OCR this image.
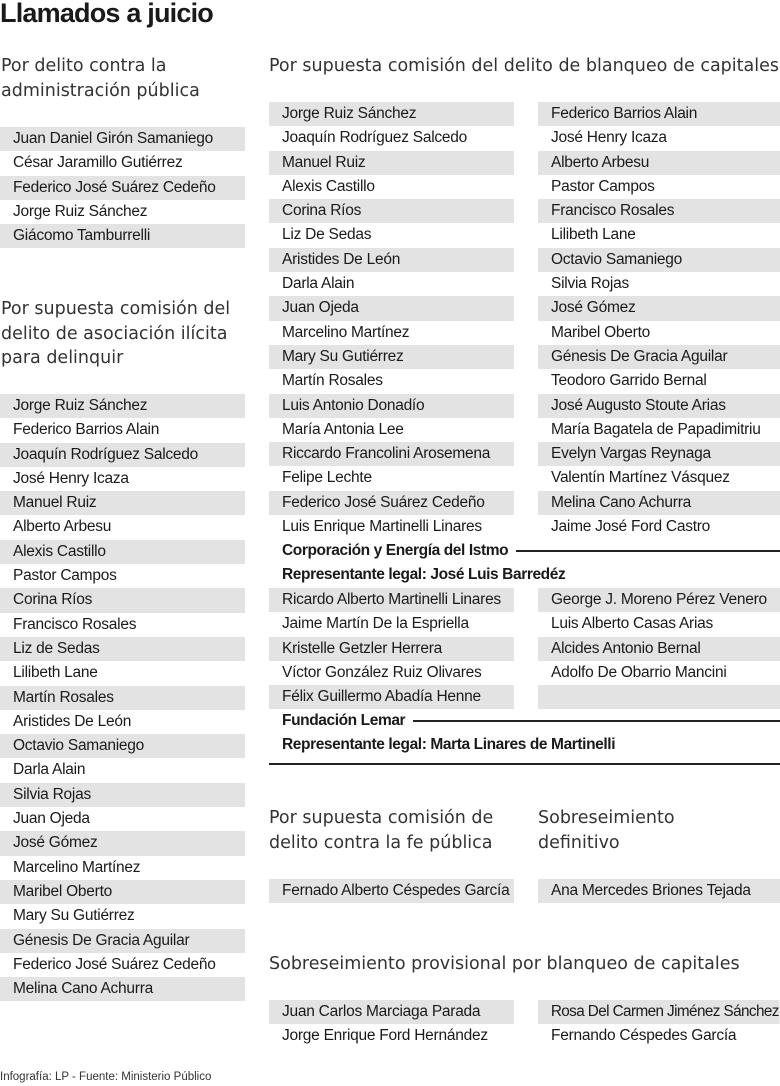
Llamados a juicio
Por delito contra la
administración pública
Juan Daniel Girón Samaniego
César Jaramillo Gutiérrez
Federico José Suárez Cedeño
Jorge Ruiz Sánchez
Giácomo Tamburrelli
Por supuesta comisión del
delito de asociación ilícita
para delinquir
Jorge Ruiz Sánchez
Federico Barrios Alain
Joaquín Rodríguez Salcedo
José Henry Icaza
Manuel Ruiz
Alberto Arbesu
Alexis Castillo
Pastor Campos
Corina Ríos
Francisco Rosales
Liz de Sedas
Lilibeth Lane
Martín Rosales
Aristides De León
Octavio Samaniego
Darla Alain
Silvia Rojas
Juan Ojeda
José Gómez
Marcelino Martínez
Maribel Oberto
Mary Su Gutiérrez
Génesis De Gracia Aguilar
Federico José Suárez Cedeño
Melina Cano Achurra
Por supuesta comisión del delito de blanqueo de capitales
Jorge Ruiz Sánchez
Joaquín Rodríguez Salcedo
Manuel Ruiz
Alexis Castillo
Corina Ríos
Liz De Sedas
Aristides De León
Darla Alain
Juan Ojeda
Marcelino Martínez
Mary Su Gutiérrez
Martín Rosales
Luis Antonio Donadío
María Antonia Lee
Riccardo Francolini Arosemena
Felipe Lechte
Federico José Suárez Cedeño
Luis Enrique Martinelli Linares
Federico Barrios Alain
José Henry Icaza
Alberto Arbesu
Pastor Campos
Francisco Rosales
Lilibeth Lane
Octavio Samaniego
Silvia Rojas
José Gómez
Maribel Oberto
Génesis De Gracia Aguilar
Teodoro Garrido Bernal
José Augusto Stoute Arias
María Bagatela de Papadimitriu
Evelyn Vargas Reynaga
Valentín Martínez Vásquez
Melina Cano Achurra
Jaime José Ford Castro
Corporación y Energía del Istmo
Representante legal: José Luis Barredéz
Ricardo Alberto Martinelli Linares
Jaime Martín De la Espriella
Kristelle Getzler Herrera
Víctor González Ruiz Olivares
Félix Guillermo Abadía Henne
George J. Moreno Pérez Venero
Luis Alberto Casas Arias
Alcides Antonio Bernal
Adolfo De Obarrio Mancini
Fundación Lemar
Representante legal: Marta Linares de Martinelli
Por supuesta comisión de
delito contra la fe pública
Fernado Alberto Céspedes García
Sobreseimiento
definitivo
Ana Mercedes Briones Tejada
Sobreseimiento provisional por blanqueo de capitales
Juan Carlos Marciaga Parada
Jorge Enrique Ford Hernández
Rosa Del Carmen Jiménez Sánchez
Fernando Céspedes García
Infografía: LP - Fuente: Ministerio Público
